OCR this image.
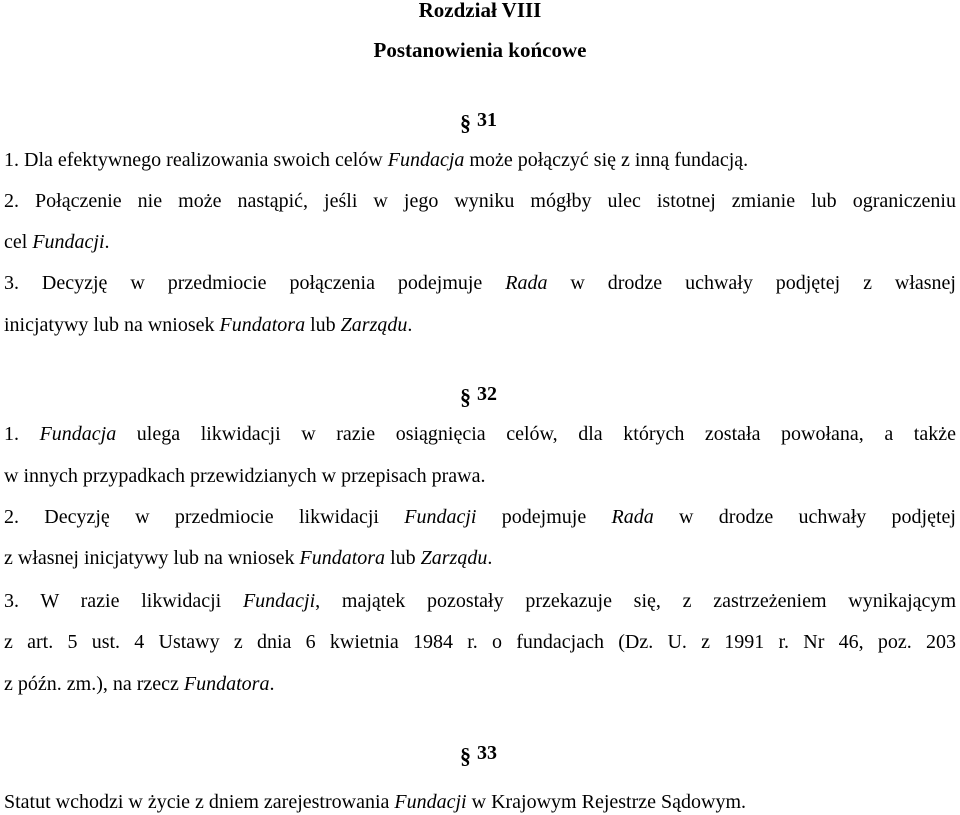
Rozdział VIII
Postanowienia końcowe
§ 31
1. Dla efektywnego realizowania swoich celów Fundacja może połączyć się z inną fundacją.
2. Połączenie nie może nastąpić, jeśli w jego wyniku mógłby ulec istotnej zmianie lub ograniczeniu
cel Fundacji.
3. Decyzję w przedmiocie połączenia podejmuje Rada w drodze uchwały podjętej z własnej
inicjatywy lub na wniosek Fundatora lub Zarządu.
§ 32
1. Fundacja ulega likwidacji w razie osiągnięcia celów, dla których została powołana, a także
w innych przypadkach przewidzianych w przepisach prawa.
2. Decyzję w przedmiocie likwidacji Fundacji podejmuje Rada w drodze uchwały podjętej
z własnej inicjatywy lub na wniosek Fundatora lub Zarządu.
3. W razie likwidacji Fundacji, majątek pozostały przekazuje się, z zastrzeżeniem wynikającym
z art. 5 ust. 4 Ustawy z dnia 6 kwietnia 1984 r. o fundacjach (Dz. U. z 1991 r. Nr 46, poz. 203
z późn. zm.), na rzecz Fundatora.
§ 33
Statut wchodzi w życie z dniem zarejestrowania Fundacji w Krajowym Rejestrze Sądowym.
